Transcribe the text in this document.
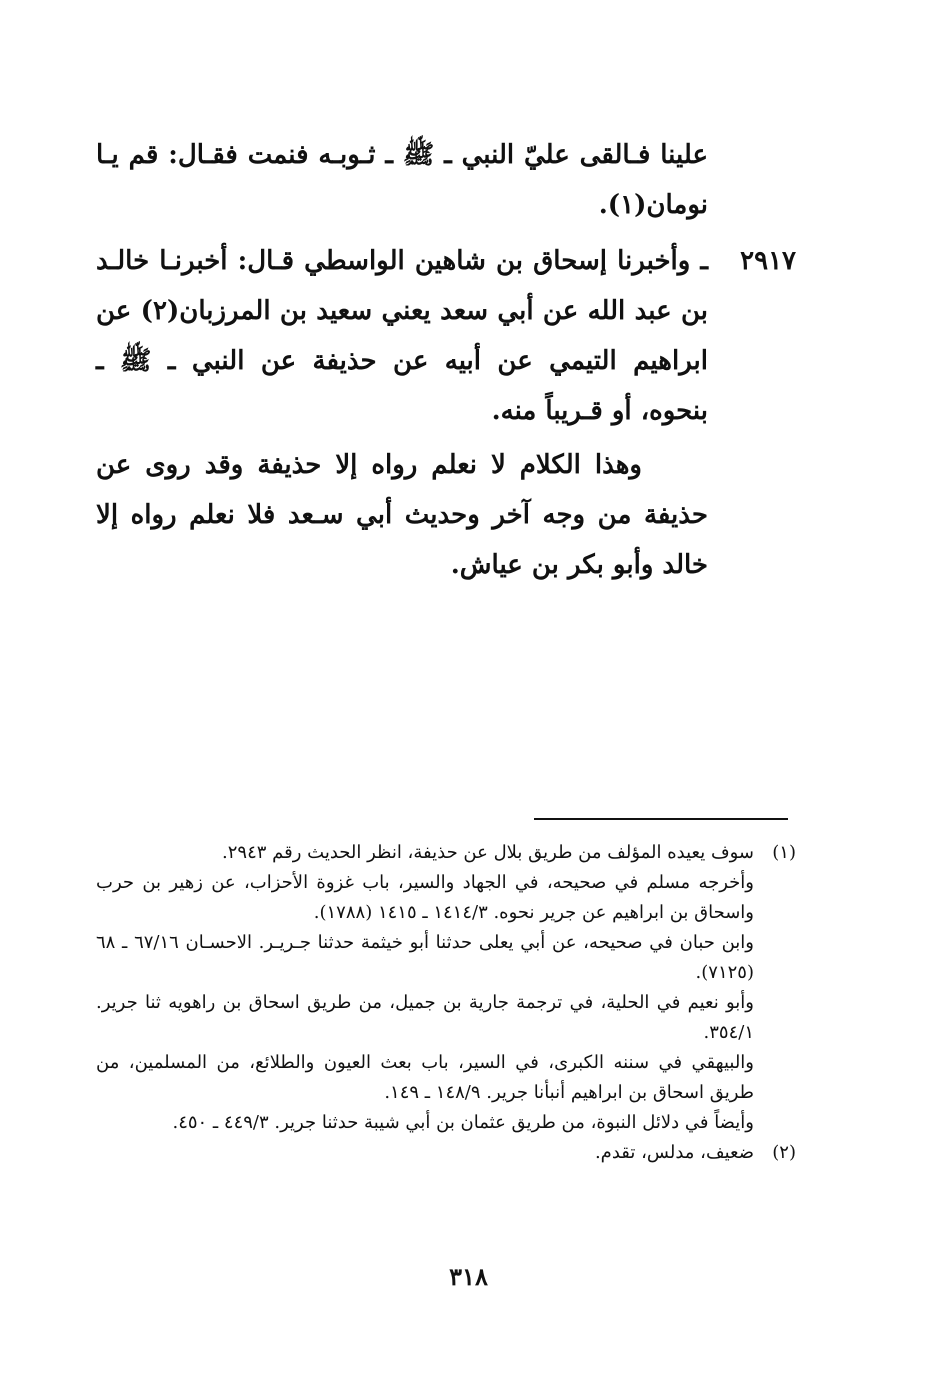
علينا فـالقى عليّ النبي ـ ﷺ ـ ثـوبـه فنمت فقـال: قم يـا نومان(١).

٢٩١٧

ـ وأخبرنا إسحاق بن شاهين الواسطي قـال: أخبرنـا خالـد بن عبد الله عن أبي سعد يعني سعيد بن المرزبان(٢) عن ابراهيم التيمي عن أبيه عن حذيفة عن النبي ـ ﷺ ـ بنحوه، أو قـريباً منه.

وهذا الكلام لا نعلم رواه إلا حذيفة وقد روى عن حذيفة من وجه آخر وحديث أبي سـعد فلا نعلم رواه إلا خالد وأبو بكر بن عياش.

(١)
سوف يعيده المؤلف من طريق بلال عن حذيفة، انظر الحديث رقم ٢٩٤٣.
وأخرجه مسلم في صحيحه، في الجهاد والسير، باب غزوة الأحزاب، عن زهير بن حرب واسحاق بن ابراهيم عن جرير نحوه. ١٤١٤/٣ ـ ١٤١٥ (١٧٨٨).
وابن حبان في صحيحه، عن أبي يعلى حدثنا أبو خيثمة حدثنا جـريـر. الاحسـان ٦٧/١٦ ـ ٦٨ (٧١٢٥).
وأبو نعيم في الحلية، في ترجمة جارية بن جميل، من طريق اسحاق بن راهويه ثنا جرير. ٣٥٤/١.
والبيهقي في سننه الكبرى، في السير، باب بعث العيون والطلائع، من المسلمين، من طريق اسحاق بن ابراهيم أنبأنا جرير. ١٤٨/٩ ـ ١٤٩.
وأيضاً في دلائل النبوة، من طريق عثمان بن أبي شيبة حدثنا جرير. ٤٤٩/٣ ـ ٤٥٠.
(٢)
ضعيف، مدلس، تقدم.
٣١٨
